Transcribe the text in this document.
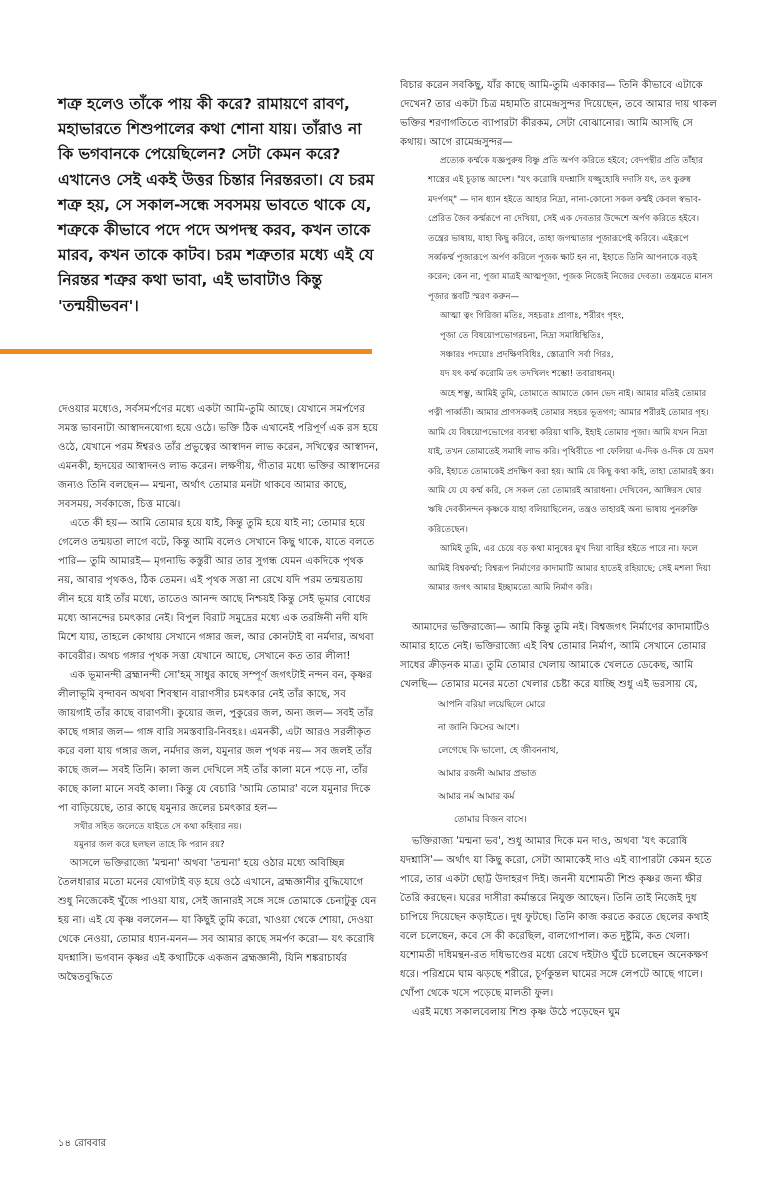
শত্রু হলেও তাঁকে পায় কী করে? রামায়ণে রাবণ, মহাভারতে শিশুপালের কথা শোনা যায়। তাঁরাও না কি ভগবানকে পেয়েছিলেন? সেটা কেমন করে? এখানেও সেই একই উত্তর চিন্তার নিরন্তরতা। যে চরম শত্রু হয়, সে সকাল-সন্ধে সবসময় ভাবতে থাকে যে, শত্রুকে কীভাবে পদে পদে অপদস্থ করব, কখন তাকে মারব, কখন তাকে কাটব। চরম শত্রুতার মধ্যে এই যে নিরন্তর শত্রুর কথা ভাবা, এই ভাবাটাও কিন্তু 'তন্ময়ীভবন'।

দেওয়ার মধ্যেও, সর্বসমর্পণের মধ্যে একটা আমি-তুমি আছে। যেখানে সমর্পণের সমস্ত ভাবনাটা আস্বাদনযোগ্য হয়ে ওঠে। ভক্তি ঠিক এখানেই পরিপূর্ণ এক রস হয়ে ওঠে, যেখানে পরম ঈশ্বরও তাঁর প্রভুত্বের আস্বাদন লাভ করেন, সখিত্বের আস্বাদন, এমনকী, হৃদয়ের আস্বাদনও লাভ করেন। লক্ষণীয়, গীতার মধ্যে ভক্তির আস্বাদনের জন্যও তিনি বলছেন— মন্মনা, অর্থাৎ তোমার মনটা থাকবে আমার কাছে, সবসময়, সর্বকাজে, চিত্ত মাঝে।

এতে কী হয়— আমি তোমার হয়ে যাই, কিন্তু তুমি হয়ে যাই না; তোমার হয়ে গেলেও তন্ময়তা লাগে বটে, কিন্তু আমি বলেও সেখানে কিছু থাকে, যাতে বলতে পারি— তুমি আমারই— মৃগনাভি কস্তুরী আর তার সুগন্ধ যেমন একদিকে পৃথক নয়, আবার পৃথকও, ঠিক তেমন। এই পৃথক সত্তা না রেখে যদি পরম তন্ময়তায় লীন হয়ে যাই তাঁর মধ্যে, তাতেও আনন্দ আছে নিশ্চয়ই কিন্তু সেই ভূমার বোধের মধ্যে আনন্দের চমৎকার নেই। বিপুল বিরাট সমুদ্রের মধ্যে এক তরঙ্গিনী নদী যদি মিশে যায়, তাহলে কোথায় সেখানে গঙ্গার জল, আর কোনটাই বা নর্মদার, অথবা কাবেরীর। অথচ গঙ্গার পৃথক সত্তা যেখানে আছে, সেখানে কত তার লীলা!

এক ভূমানন্দী ব্রহ্মানন্দী সো'হম্‌ সাধুর কাছে সম্পূর্ণ জগৎটাই নন্দন বন, কৃষ্ণর লীলাভূমি বৃন্দাবন অথবা শিবস্থান বারাণসীর চমৎকার নেই তাঁর কাছে, সব জায়গাই তাঁর কাছে বারাণসী। কুয়োর জল, পুকুরের জল, অন্য জল— সবই তাঁর কাছে গঙ্গার জল— গাঙ্গ বারি সমস্তবারি-নিবহঃ। এমনকী, এটা আরও সরলীকৃত করে বলা যায় গঙ্গার জল, নর্মদার জল, যমুনার জল পৃথক নয়— সব জলই তাঁর কাছে জল— সবই তিনি। কালা জল দেখিলে সই তাঁর কালা মনে পড়ে না, তাঁর কাছে কালা মানে সবই কালা। কিন্তু যে বেচারি 'আমি তোমার' বলে যমুনার দিকে পা বাড়িয়েছে, তার কাছে যমুনার জলের চমৎকার হল—

সখীর সহিত জলেতে যাইতে সে কথা কহিবার নয়।

যমুনার জল করে ছলছল তাহে কি পরান রয়?

আসলে ভক্তিরাজ্যে 'মন্মনা' অথবা 'তন্মনা' হয়ে ওঠার মধ্যে অবিচ্ছিন্ন তৈলধারার মতো মনের যোগটাই বড় হয়ে ওঠে এখানে, ব্রহ্মজ্ঞানীর বুদ্ধিযোগে শুধু নিজেকেই খুঁজে পাওয়া যায়, সেই জানারই সঙ্গে সঙ্গে তোমাকে চেনাটুকু যেন হয় না। এই যে কৃষ্ণ বললেন— যা কিছুই তুমি করো, খাওয়া থেকে শোয়া, দেওয়া থেকে নেওয়া, তোমার ধ্যান-মনন— সব আমার কাছে সমর্পণ করো— যৎ করোষি যদশ্নাসি। ভগবান কৃষ্ণর এই কথাটিকে একজন ব্রহ্মজ্ঞানী, যিনি শঙ্করাচার্যর অদ্বৈতবুদ্ধিতে

বিচার করেন সবকিছু, যাঁর কাছে আমি-তুমি একাকার— তিনি কীভাবে এটাকে দেখেন? তার একটা চিত্র মহামতি রামেন্দ্রসুন্দর দিয়েছেন, তবে আমার দায় থাকল ভক্তির শরণাগতিতে ব্যাপারটা কীরকম, সেটা বোঝানোর। আমি আসছি সে কথায়। আগে রামেন্দ্রসুন্দর—

প্রত্যেক কর্ম্মকে যজ্ঞপুরুষ বিষ্ণু প্রতি অর্পণ করিতে হইবে; বেদপন্থীর প্রতি তাঁহার শাস্ত্রের এই চূড়ান্ত আদেশ। "যৎ করোষি যদশ্নাসি যজ্জুহোষি দদাসি যৎ, তৎ কুরুষ্ব মদর্পণম্" — দান ধ্যান হইতে আহার নিদ্রা, নানা-কোনো সকল কর্ম্মই কেবল স্বভাব-প্রেরিত জৈব কর্ম্মরূপে না দেখিয়া, সেই এক দেবতার উদ্দেশে অর্পণ করিতে হইবে। তন্ত্রের ভাষায়, যাহা কিছু করিবে, তাহা জগন্মাতার পূজারূপেই করিবে। এইরূপে সর্ব্বকর্ম্ম পূজারূপে অর্পণ করিলে পূজক ক্ষাট হন না, ইহাতে তিনি আপনাকে বড়ই করেন; কেন না, পূজা মাত্রই আত্মপূজা, পূজক নিজেই নিজের দেবতা। তন্ত্রমতে মানস পূজার স্তবটি স্মরণ করুন—

আত্মা ত্বং গিরিজা মতিঃ, সহচরাঃ প্রাণাঃ, শরীরং গৃহং,

পূজা তে বিষয়োপভোগরচনা, নিদ্রা সমাধিস্থিতিঃ,

সঞ্চারঃ পদয়োঃ প্রদক্ষিণবিধিঃ, স্তোত্রাণি সর্বা গিরঃ,

যদ যৎ কর্ম্ম করোমি তৎ তদখিলং শম্ভো! তবারাধনম্।

অহে শম্ভু, আমিই তুমি, তোমাতে আমাতে কোন ভেদ নাই। আমার মতিই তোমার পত্নী পার্ব্বতী। আমার প্রাণসকলই তোমার সহচর ভূতগণ; আমার শরীরই তোমার গৃহ। আমি যে বিষয়োপভোগের ব্যবস্থা করিয়া থাকি, ইহাই তোমার পূজা। আমি যখন নিদ্রা যাই, তখন তোমাতেই সমাধি লাভ করি। পৃথিবীতে পা ফেলিয়া এ-দিক ও-দিক যে ভ্রমণ করি, ইহাতে তোমাকেই প্রদক্ষিণ করা হয়। আমি যে কিছু কথা কহি, তাহা তোমারই স্তব। আমি যে যে কর্ম্ম করি, সে সকল তো তোমারই আরাধনা। দেখিবেন, আঙ্গিরস ঘোর ঋষি দেবকীনন্দন কৃষ্ণকে যাহা বলিয়াছিলেন, তন্ত্রও তাহারই অন্য ভাষায় পুনরুক্তি করিতেছেন।

আমিই তুমি, এর চেয়ে বড় কথা মানুষের মুখ দিয়া বাহির হইতে পারে না। ফলে আমিই বিশ্বকর্ম্মা; বিশ্বরূপ নির্মাণের কাদামাটি আমার হাতেই রহিয়াছে; সেই মশলা দিয়া আমার জগৎ আমার ইচ্ছামতো আমি নির্মাণ করি।

আমাদের ভক্তিরাজ্যে— আমি কিন্তু তুমি নই। বিশ্বজগৎ নির্মাণের কাদামাটিও আমার হাতে নেই। ভক্তিরাজ্যে এই বিশ্ব তোমার নির্মাণ, আমি সেখানে তোমার সাধের ক্রীড়নক মাত্র। তুমি তোমার খেলায় আমাকে খেলতে ডেকেছ, আমি খেলছি— তোমার মনের মতো খেলার চেষ্টা করে যাচ্ছি শুধু এই ভরসায় যে,

আপনি বরিয়া লয়েছিলে মোরে
না জানি কিসের আশে।
লেগেছে কি ভালো, হে জীবননাথ,
আমার রজনী আমার প্রভাত
আমার নর্ম আমার কর্ম
তোমার বিজন বাসে।

ভক্তিরাজ্য 'মন্মনা ভব', শুধু আমার দিকে মন দাও, অথবা 'যৎ করোষি যদশ্নাসি'— অর্থাৎ যা কিছু করো, সেটা আমাকেই দাও এই ব্যাপারটা কেমন হতে পারে, তার একটা ছোট্ট উদাহরণ দিই। জননী যশোমতী শিশু কৃষ্ণর জন্য ক্ষীর তৈরি করছেন। ঘরের দাসীরা কর্মান্তরে নিযুক্ত আছেন। তিনি তাই নিজেই দুধ চাপিয়ে দিয়েছেন কড়াইতে। দুধ ফুটছে। তিনি কাজ করতে করতে ছেলের কথাই বলে চলেছেন, কবে সে কী করেছিল, বালগোপাল। কত দুষ্টুমি, কত খেলা। যশোমতী দধিমন্থন-রত দধিভাণ্ডের মধ্যে রেখে দইটাও ঘুঁটে চলেছেন অনেকক্ষণ ধরে। পরিশ্রমে ঘাম ঝড়ছে শরীরে, চূর্ণকুন্তল ঘামের সঙ্গে লেপটে আছে গালে। খোঁপা থেকে খসে পড়েছে মালতী ফুল।

এরই মধ্যে সকালবেলায় শিশু কৃষ্ণ উঠে পড়েছেন ঘুম

১৪ রোববার
